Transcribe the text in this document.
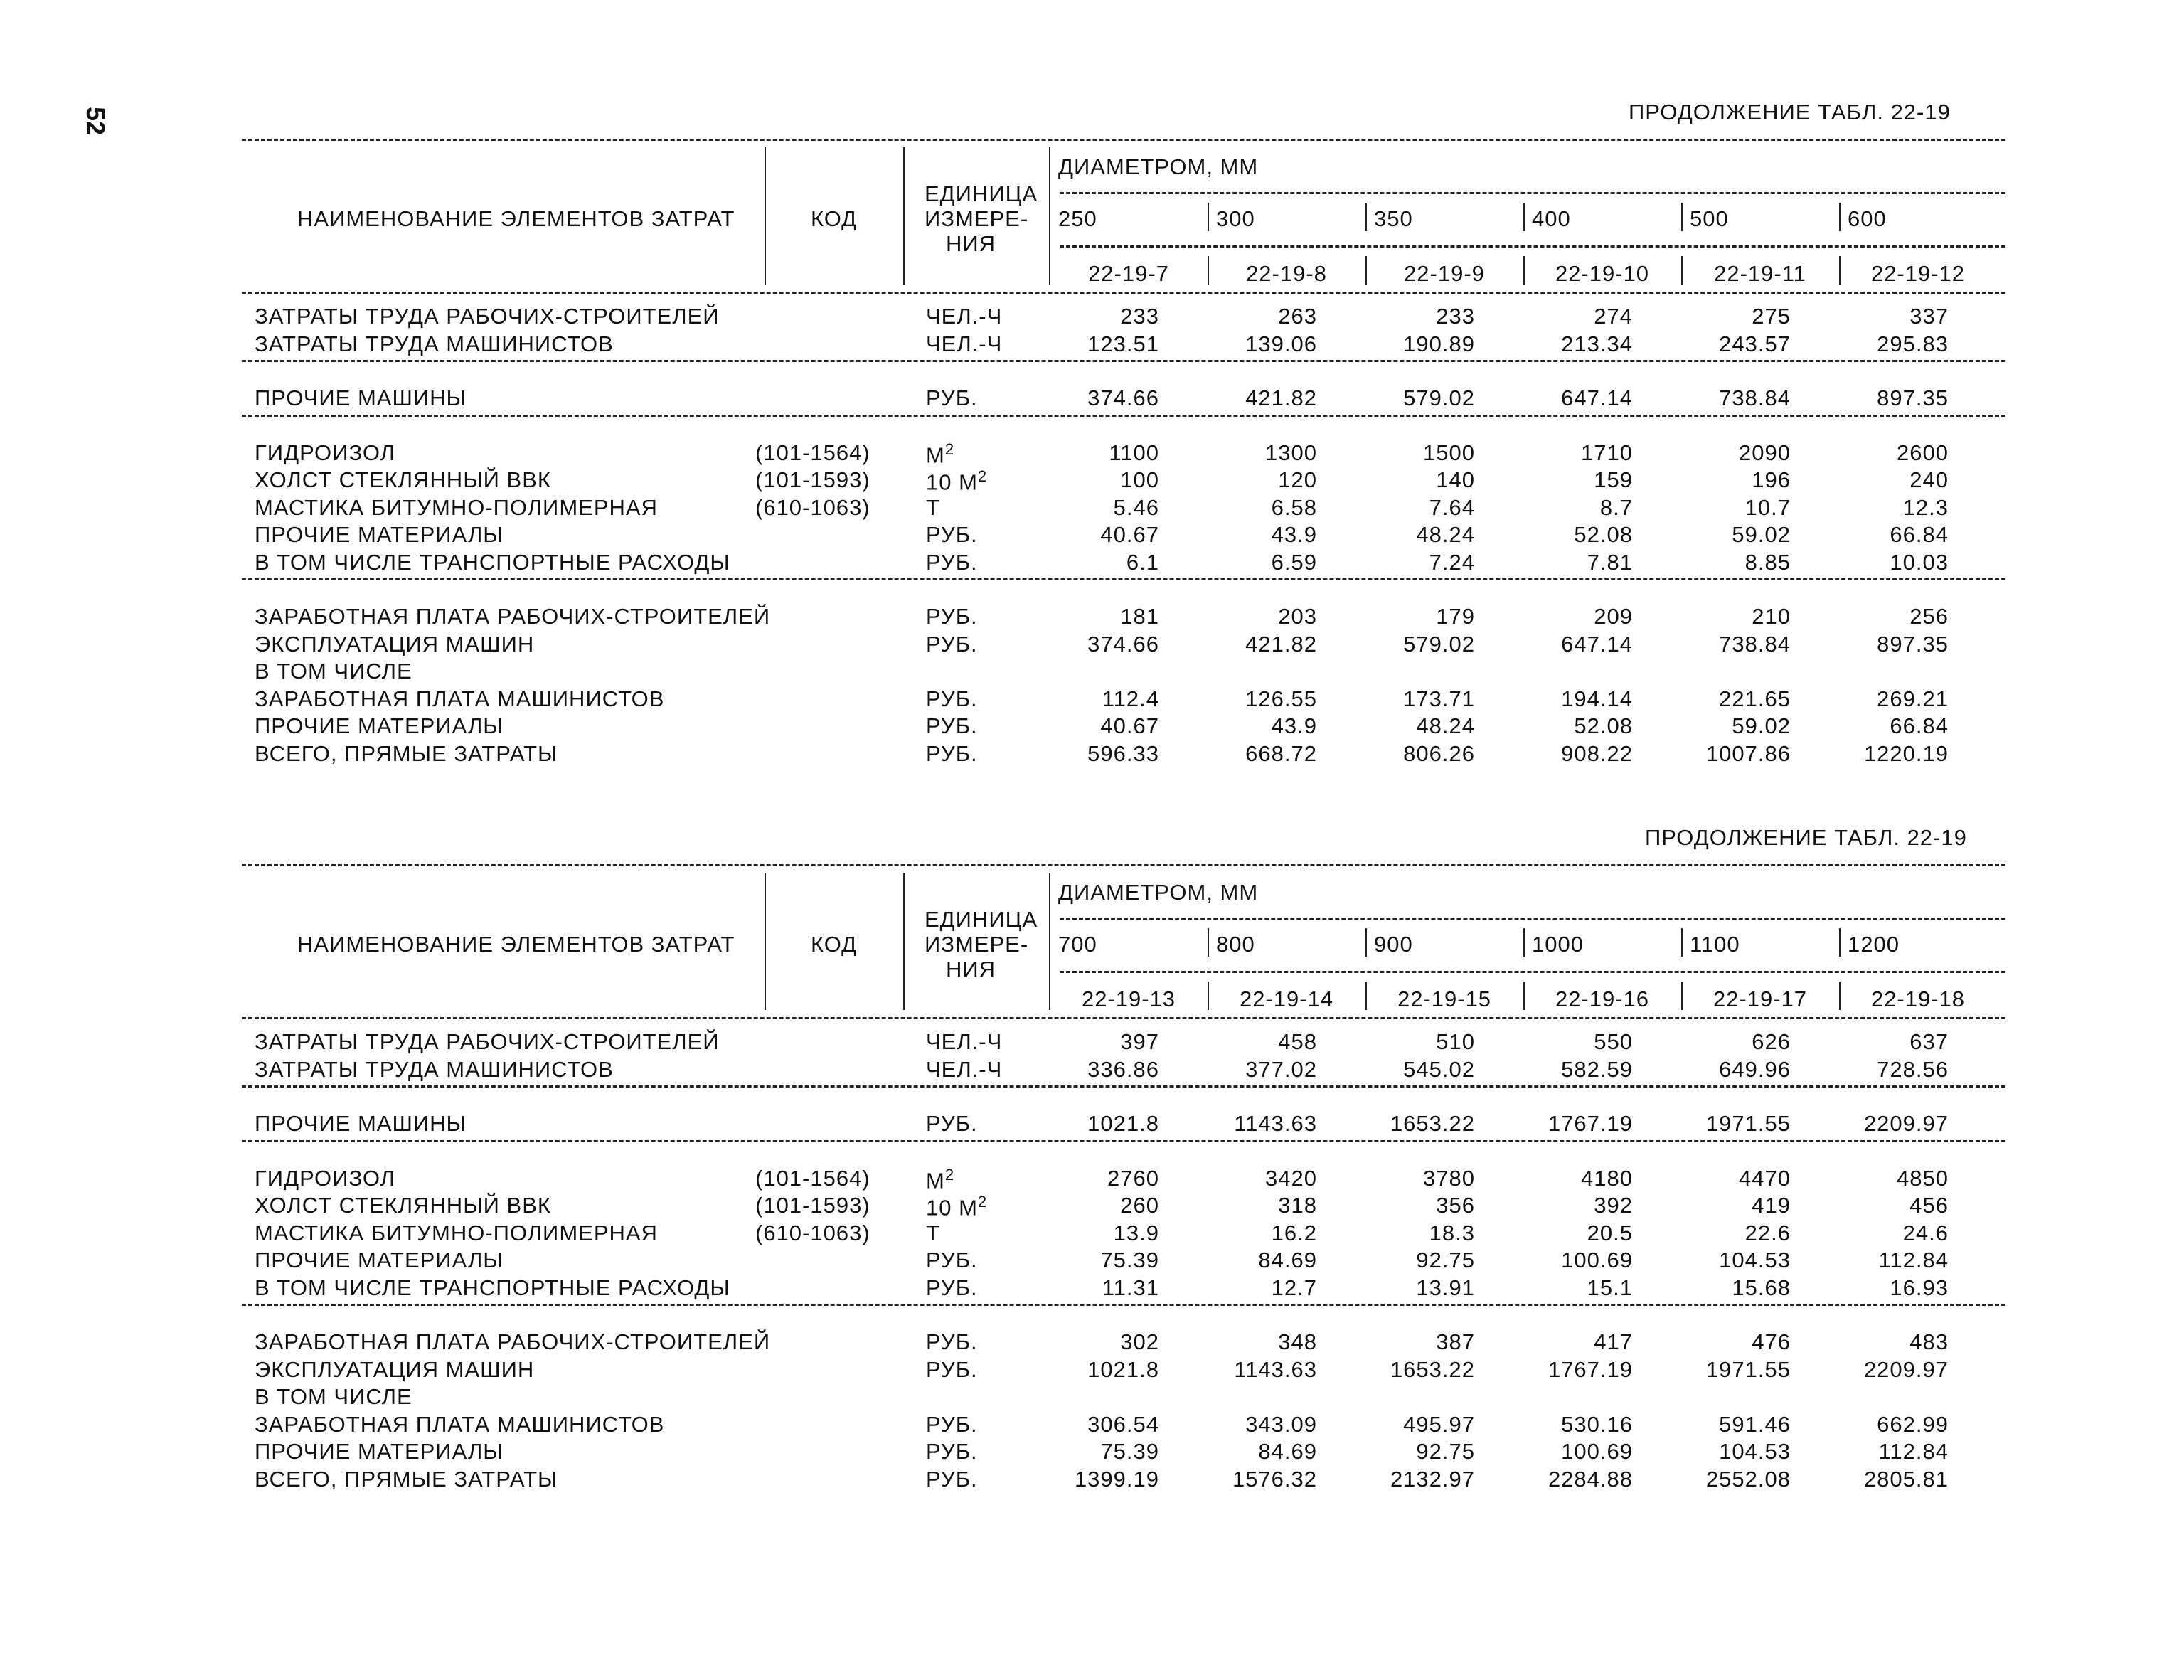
52	ПРОДОЛЖЕНИЕ ТАБЛ. 22-19
НАИМЕНОВАНИЕ ЭЛЕМЕНТОВ ЗАТРАТ	КОД
ЕДИНИЦА
ИЗМЕРЕ-
НИЯ
ДИАМЕТРОМ, ММ
250	300	350	400	500	600
22-19-7	22-19-8	22-19-9	22-19-10	22-19-11	22-19-12
ЗАТРАТЫ ТРУДА РАБОЧИХ-СТРОИТЕЛЕЙ	ЧЕЛ.-Ч	233	263	233	274	275	337
ЗАТРАТЫ ТРУДА МАШИНИСТОВ	ЧЕЛ.-Ч	123.51	139.06	190.89	213.34	243.57	295.83
ПРОЧИЕ МАШИНЫ	РУБ.	374.66	421.82	579.02	647.14	738.84	897.35
ГИДРОИЗОЛ	(101-1564)	$М^2$	1100	1300	1500	1710	2090	2600
ХОЛСТ СТЕКЛЯННЫЙ ВВК	(101-1593)	10 $М^2$	100	120	140	159	196	240
МАСТИКА БИТУМНО-ПОЛИМЕРНАЯ	(610-1063)	Т	5.46	6.58	7.64	8.7	10.7	12.3
ПРОЧИЕ МАТЕРИАЛЫ	РУБ.	40.67	43.9	48.24	52.08	59.02	66.84
В ТОМ ЧИСЛЕ ТРАНСПОРТНЫЕ РАСХОДЫ	РУБ.	6.1	6.59	7.24	7.81	8.85	10.03
ЗАРАБОТНАЯ ПЛАТА РАБОЧИХ-СТРОИТЕЛЕЙ	РУБ.	181	203	179	209	210	256
ЭКСПЛУАТАЦИЯ МАШИН	РУБ.	374.66	421.82	579.02	647.14	738.84	897.35
В ТОМ ЧИСЛЕ
ЗАРАБОТНАЯ ПЛАТА МАШИНИСТОВ	РУБ.	112.4	126.55	173.71	194.14	221.65	269.21
ПРОЧИЕ МАТЕРИАЛЫ	РУБ.	40.67	43.9	48.24	52.08	59.02	66.84
ВСЕГО, ПРЯМЫЕ ЗАТРАТЫ	РУБ.	596.33	668.72	806.26	908.22	1007.86	1220.19
ПРОДОЛЖЕНИЕ ТАБЛ. 22-19
НАИМЕНОВАНИЕ ЭЛЕМЕНТОВ ЗАТРАТ	КОД
ЕДИНИЦА
ИЗМЕРЕ-
НИЯ
ДИАМЕТРОМ, ММ
700	800	900	1000	1100	1200
22-19-13	22-19-14	22-19-15	22-19-16	22-19-17	22-19-18
ЗАТРАТЫ ТРУДА РАБОЧИХ-СТРОИТЕЛЕЙ	ЧЕЛ.-Ч	397	458	510	550	626	637
ЗАТРАТЫ ТРУДА МАШИНИСТОВ	ЧЕЛ.-Ч	336.86	377.02	545.02	582.59	649.96	728.56
ПРОЧИЕ МАШИНЫ	РУБ.	1021.8	1143.63	1653.22	1767.19	1971.55	2209.97
ГИДРОИЗОЛ	(101-1564)	$М^2$	2760	3420	3780	4180	4470	4850
ХОЛСТ СТЕКЛЯННЫЙ ВВК	(101-1593)	10 $М^2$	260	318	356	392	419	456
МАСТИКА БИТУМНО-ПОЛИМЕРНАЯ	(610-1063)	Т	13.9	16.2	18.3	20.5	22.6	24.6
ПРОЧИЕ МАТЕРИАЛЫ	РУБ.	75.39	84.69	92.75	100.69	104.53	112.84
В ТОМ ЧИСЛЕ ТРАНСПОРТНЫЕ РАСХОДЫ	РУБ.	11.31	12.7	13.91	15.1	15.68	16.93
ЗАРАБОТНАЯ ПЛАТА РАБОЧИХ-СТРОИТЕЛЕЙ	РУБ.	302	348	387	417	476	483
ЭКСПЛУАТАЦИЯ МАШИН	РУБ.	1021.8	1143.63	1653.22	1767.19	1971.55	2209.97
В ТОМ ЧИСЛЕ
ЗАРАБОТНАЯ ПЛАТА МАШИНИСТОВ	РУБ.	306.54	343.09	495.97	530.16	591.46	662.99
ПРОЧИЕ МАТЕРИАЛЫ	РУБ.	75.39	84.69	92.75	100.69	104.53	112.84
ВСЕГО, ПРЯМЫЕ ЗАТРАТЫ	РУБ.	1399.19	1576.32	2132.97	2284.88	2552.08	2805.81
